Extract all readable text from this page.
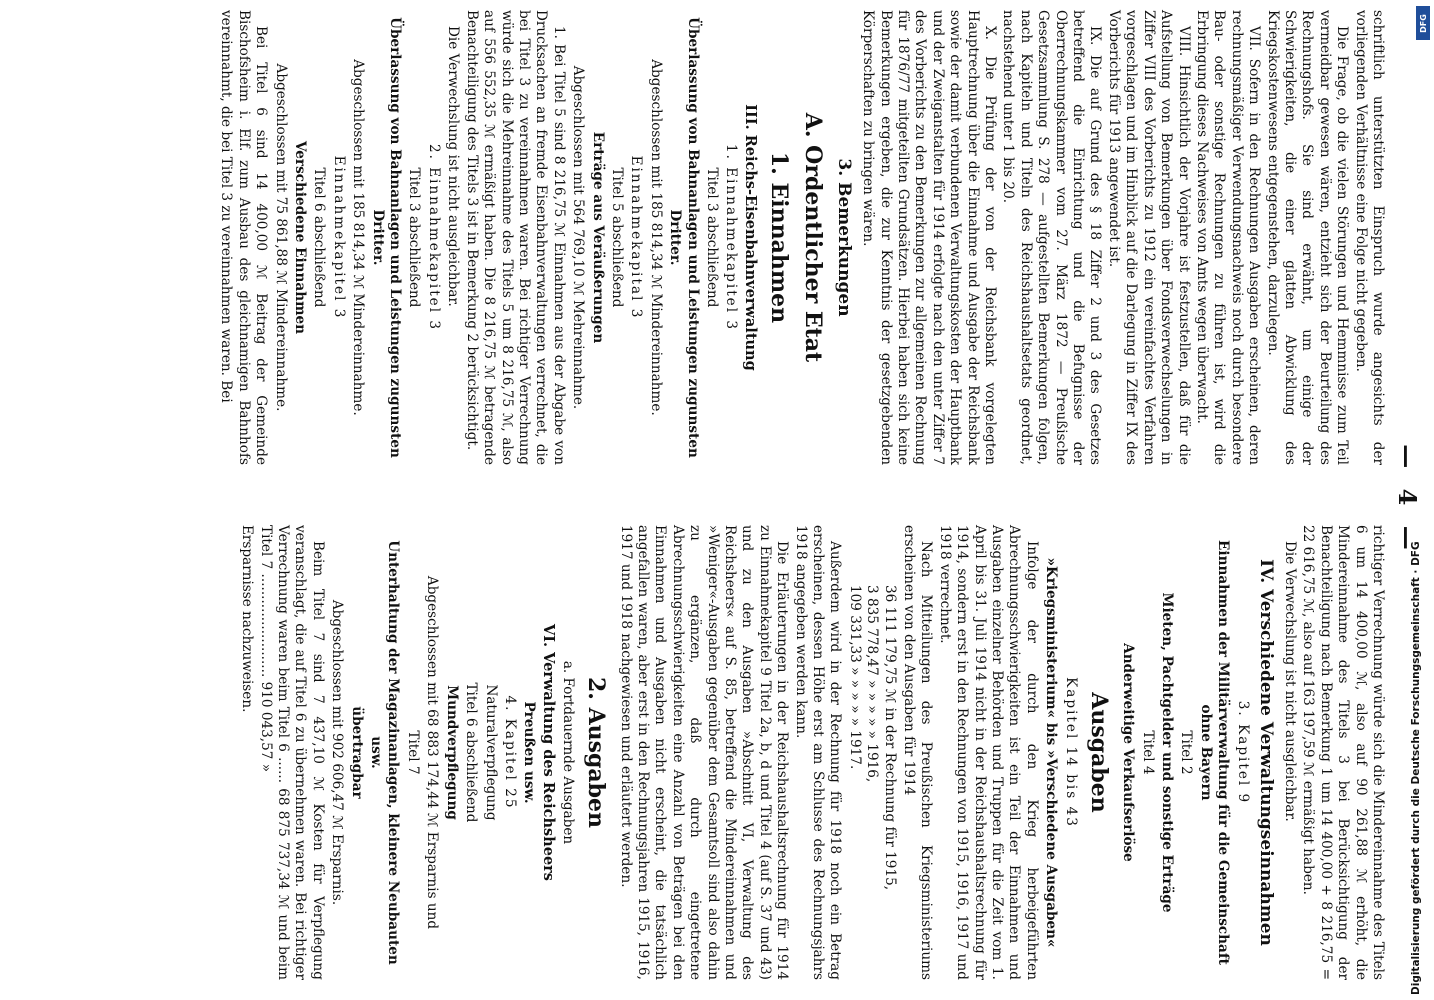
— 4 —

schriftlich unterstützten Einspruch wurde angesichts der vorliegenden Verhältnisse eine Folge nicht gegeben.

Die Frage, ob die vielen Störungen und Hemmnisse zum Teil vermeidbar gewesen wären, entzieht sich der Beurteilung des Rechnungshofs. Sie sind erwähnt, um einige der Schwierigkeiten, die einer glatten Abwicklung des Kriegskostenwesens entgegenstehen, darzulegen.

VII. Sofern in den Rechnungen Ausgaben erscheinen, deren rechnungsmäßiger Verwendungsnachweis noch durch besondere Bau- oder sonstige Rechnungen zu führen ist, wird die Erbringung dieses Nachweises von Amts wegen überwacht.

VIII. Hinsichtlich der Vorjahre ist festzustellen, daß für die Aufstellung von Bemerkungen über Fondsverwechselungen in Ziffer VIII des Vorberichts zu 1912 ein vereinfachtes Verfahren vorgeschlagen und im Hinblick auf die Darlegung in Ziffer IX des Vorberichts für 1913 angewendet ist.

IX. Die auf Grund des § 18 Ziffer 2 und 3 des Gesetzes betreffend die Einrichtung und die Befugnisse der Oberrechnungskammer vom 27. März 1872 — Preußische Gesetzsammlung S. 278 — aufgestellten Bemerkungen folgen, nach Kapiteln und Titeln des Reichshaushaltsetats geordnet, nachstehend unter 1 bis 20.

X. Die Prüfung der von der Reichsbank vorgelegten Hauptrechnung über die Einnahme und Ausgabe der Reichsbank sowie der damit verbundenen Verwaltungskosten der Hauptbank und der Zweiganstalten für 1914 erfolgte nach den unter Ziffer 7 des Vorberichts zu den Bemerkungen zur allgemeinen Rechnung für 1876/77 mitgeteilten Grundsätzen. Hierbei haben sich keine Bemerkungen ergeben, die zur Kenntnis der gesetzgebenden Körperschaften zu bringen wären.

3. Bemerkungen

A. Ordentlicher Etat

1. Einnahmen

III. Reichs-Eisenbahnverwaltung

1. Einnahmekapitel 3

Titel 3 abschließend

Überlassung von Bahnanlagen und Leistungen zugunsten Dritter.

Abgeschlossen mit 185 814,34 ℳ Mindereinnahme.

Einnahmekapital 3

Titel 5 abschließend

Erträge aus Veräußerungen

Abgeschlossen mit 564 769,10 ℳ Mehreinnahme.

1. Bei Titel 5 sind 8 216,75 ℳ Einnahmen aus der Abgabe von Drucksachen an fremde Eisenbahnverwaltungen verrechnet, die bei Titel 3 zu vereinnahmen waren. Bei richtiger Verrechnung würde sich die Mehreinnahme des Titels 5 um 8 216,75 ℳ, also auf 556 552,35 ℳ ermäßigt haben. Die 8 216,75 ℳ betragende Benachteiligung des Titels 3 ist in Bemerkung 2 berücksichtigt.

Die Verwechslung ist nicht ausgleichbar.

2. Einnahmekapitel 3

Titel 3 abschließend

Überlassung von Bahnanlagen und Leistungen zugunsten Dritter.

Abgeschlossen mit 185 814,34 ℳ Mindereinnahme.

Einnahmekapitel 3

Titel 6 abschließend

Verschiedene Einnahmen

Abgeschlossen mit 75 861,88 ℳ Mindereinnahme.

Bei Titel 6 sind 14 400,00 ℳ Beitrag der Gemeinde Bischofsheim i. Elf. zum Ausbau des gleichnamigen Bahnhofs vereinnahmt, die bei Titel 3 zu vereinnahmen waren. Bei

richtiger Verrechnung würde sich die Mindereinnahme des Titels 6 um 14 400,00 ℳ, also auf 90 261,88 ℳ erhöht, die Mindereinnahme des Titels 3 bei Berücksichtigung der Benachteiligung nach Bemerkung 1 um 14 400,00 + 8 216,75 = 22 616,75 ℳ, also auf 163 197,59 ℳ ermäßigt haben.

Die Verwechslung ist nicht ausgleichbar.

IV. Verschiedene Verwaltungseinnahmen

3. Kapitel 9

Einnahmen der Militärverwaltung für die Gemeinschaft ohne Bayern

Titel 2

Mieten, Pachtgelder und sonstige Erträge

Titel 4

Anderweitige Verkaufserlöse

Ausgaben

Kapitel 14 bis 43

»Kriegsministerium« bis »Verschiedene Ausgaben«

Infolge der durch den Krieg herbeigeführten Abrechnungsschwierigkeiten ist ein Teil der Einnahmen und Ausgaben einzelner Behörden und Truppen für die Zeit vom 1. April bis 31. Juli 1914 nicht in der Reichshaushaltsrechnung für 1914, sondern erst in den Rechnungen von 1915, 1916, 1917 und 1918 verrechnet.

Nach Mitteilungen des Preußischen Kriegsministeriums erscheinen von den Ausgaben für 1914

36 111 179,75 ℳ in der Rechnung für 1915,
3 835 778,47 » » » » » 1916,
109 331,33 » » » » » 1917.

Außerdem wird in der Rechnung für 1918 noch ein Betrag erscheinen, dessen Höhe erst am Schlusse des Rechnungsjahrs 1918 angegeben werden kann.

Die Erläuterungen in der Reichshaushaltsrechnung für 1914 zu Einnahmekapitel 9 Titel 2a, b, d und Titel 4 (auf S. 37 und 43) und zu den Ausgaben »Abschnitt VI, Verwaltung des Reichsheers« auf S. 85, betreffend die Mindereinnahmen und »Weniger«-Ausgaben gegenüber dem Gesamtsoll sind also dahin zu ergänzen, daß durch eingetretene Abrechnungsschwierigkeiten eine Anzahl von Beträgen bei den Einnahmen und Ausgaben nicht erscheint, die tatsächlich angefallen waren, aber erst in den Rechnungsjahren 1915, 1916, 1917 und 1918 nachgewiesen und erläutert werden.

2. Ausgaben

a. Fortdauernde Ausgaben

VI. Verwaltung des Reichsheers

Preußen usw.

4. Kapitel 25

Naturalverpflegung

Titel 6 abschließend

Mundverpflegung

Abgeschlossen mit 68 883 174,44 ℳ Ersparnis und

Titel 7

Unterhaltung der Magazinanlagen, kleinere Neubauten usw.

übertragbar

Abgeschlossen mit 902 606,47 ℳ Ersparnis.

Beim Titel 7 sind 7 437,10 ℳ Kosten für Verpflegung veranschlagt, die auf Titel 6 zu übernehmen waren. Bei richtiger Verrechnung waren beim Titel 6 ...... 68 875 737,34 ℳ und beim Titel 7 ........................ 910 043,57 »

Ersparnisse nachzuweisen.	Digitalisierung gefördert durch die Deutsche Forschungsgemeinschaft · DFG
DFG
